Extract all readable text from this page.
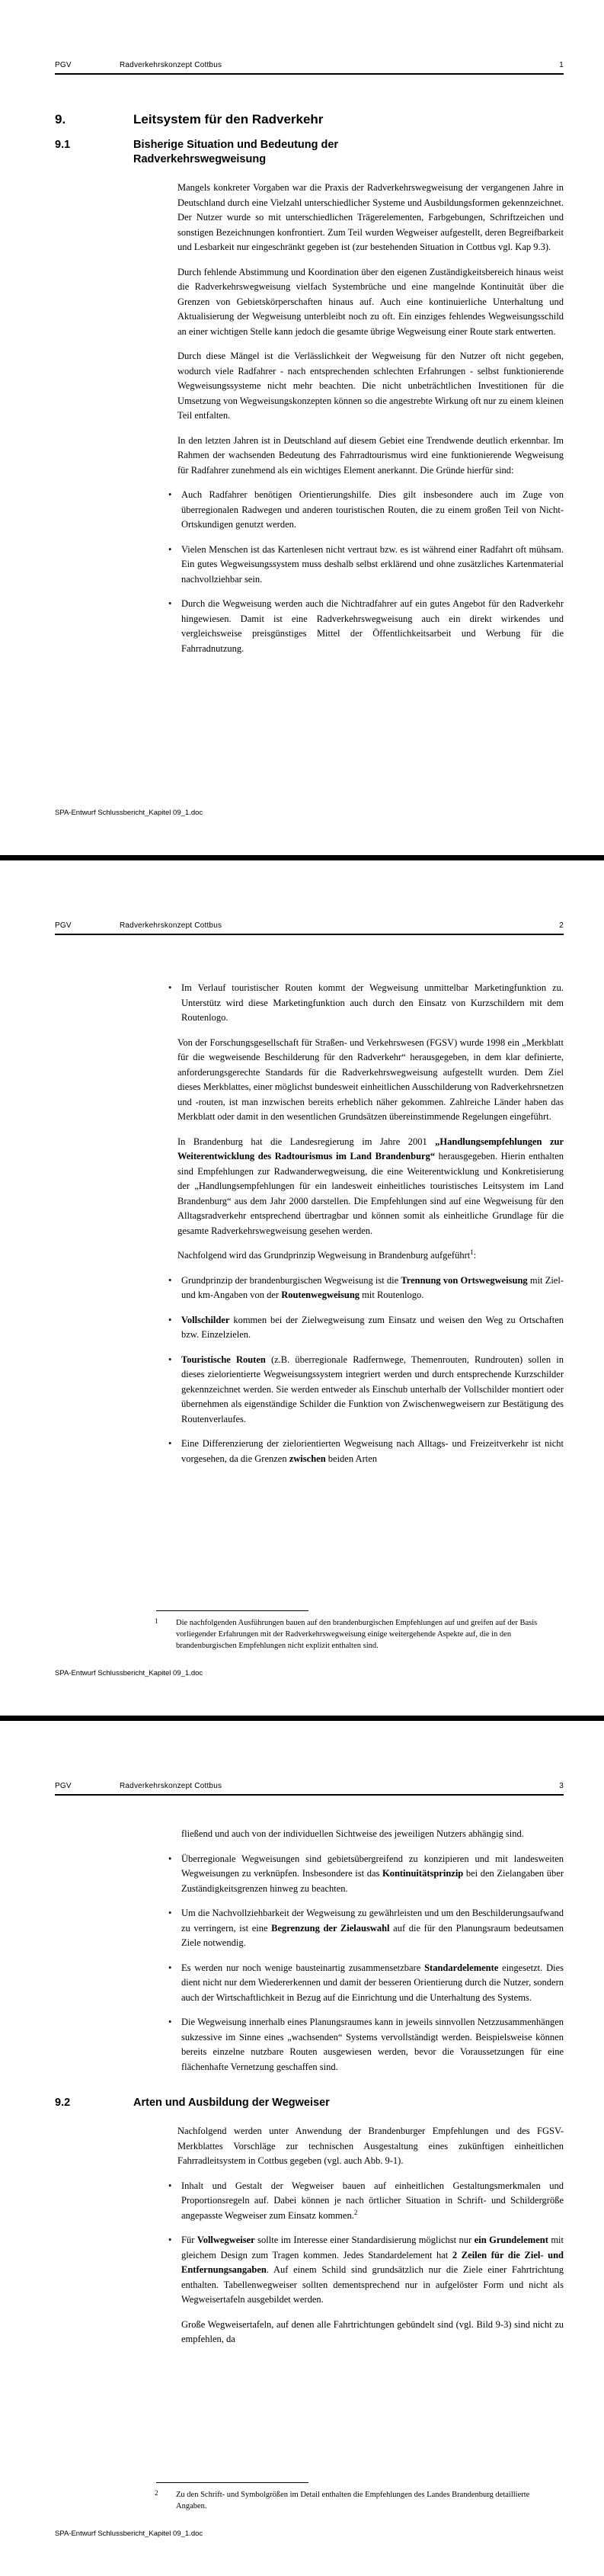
PGV	Radverkehrskonzept Cottbus	1
9.	Leitsystem für den Radverkehr
9.1	Bisherige Situation und Bedeutung der
Radverkehrswegweisung
Mangels konkreter Vorgaben war die Praxis der Radverkehrswegweisung der vergangenen Jahre in Deutschland durch eine Vielzahl unterschiedlicher Systeme und Ausbildungsformen gekennzeichnet. Der Nutzer wurde so mit unterschiedlichen Trägerelementen, Farbgebungen, Schriftzeichen und sonstigen Bezeichnungen konfrontiert. Zum Teil wurden Wegweiser aufgestellt, deren Begreifbarkeit und Lesbarkeit nur eingeschränkt gegeben ist (zur bestehenden Situation in Cottbus vgl. Kap 9.3).
Durch fehlende Abstimmung und Koordination über den eigenen Zuständigkeitsbereich hinaus weist die Radverkehrswegweisung vielfach Systembrüche und eine mangelnde Kontinuität über die Grenzen von Gebietskörperschaften hinaus auf. Auch eine kontinuierliche Unterhaltung und Aktualisierung der Wegweisung unterbleibt noch zu oft. Ein einziges fehlendes Wegweisungsschild an einer wichtigen Stelle kann jedoch die gesamte übrige Wegweisung einer Route stark entwerten.
Durch diese Mängel ist die Verlässlichkeit der Wegweisung für den Nutzer oft nicht gegeben, wodurch viele Radfahrer - nach entsprechenden schlechten Erfahrungen - selbst funktionierende Wegweisungssysteme nicht mehr beachten. Die nicht unbeträchtlichen Investitionen für die Umsetzung von Wegweisungskonzepten können so die angestrebte Wirkung oft nur zu einem kleinen Teil entfalten.
In den letzten Jahren ist in Deutschland auf diesem Gebiet eine Trendwende deutlich erkennbar. Im Rahmen der wachsenden Bedeutung des Fahrradtourismus wird eine funktionierende Wegweisung für Radfahrer zunehmend als ein wichtiges Element anerkannt. Die Gründe hierfür sind:
• Auch Radfahrer benötigen Orientierungshilfe. Dies gilt insbesondere auch im Zuge von überregionalen Radwegen und anderen touristischen Routen, die zu einem großen Teil von Nicht-Ortskundigen genutzt werden.
• Vielen Menschen ist das Kartenlesen nicht vertraut bzw. es ist während einer Radfahrt oft mühsam. Ein gutes Wegweisungssystem muss deshalb selbst erklärend und ohne zusätzliches Kartenmaterial nachvollziehbar sein.
• Durch die Wegweisung werden auch die Nichtradfahrer auf ein gutes Angebot für den Radverkehr hingewiesen. Damit ist eine Radverkehrswegweisung auch ein direkt wirkendes und vergleichsweise preisgünstiges Mittel der Öffentlichkeitsarbeit und Werbung für die Fahrradnutzung.
SPA-Entwurf Schlussbericht_Kapitel 09_1.doc
PGV	Radverkehrskonzept Cottbus	2
• Im Verlauf touristischer Routen kommt der Wegweisung unmittelbar Marketingfunktion zu. Unterstütz wird diese Marketingfunktion auch durch den Einsatz von Kurzschildern mit dem Routenlogo.
Von der Forschungsgesellschaft für Straßen- und Verkehrswesen (FGSV) wurde 1998 ein „Merkblatt für die wegweisende Beschilderung für den Radverkehr“ herausgegeben, in dem klar definierte, anforderungsgerechte Standards für die Radverkehrswegweisung aufgestellt wurden. Dem Ziel dieses Merkblattes, einer möglichst bundesweit einheitlichen Ausschilderung von Radverkehrsnetzen und -routen, ist man inzwischen bereits erheblich näher gekommen. Zahlreiche Länder haben das Merkblatt oder damit in den wesentlichen Grundsätzen übereinstimmende Regelungen eingeführt.
In Brandenburg hat die Landesregierung im Jahre 2001 „Handlungsempfehlungen zur Weiterentwicklung des Radtourismus im Land Brandenburg“ herausgegeben. Hierin enthalten sind Empfehlungen zur Radwanderwegweisung, die eine Weiterentwicklung und Konkretisierung der „Handlungsempfehlungen für ein landesweit einheitliches touristisches Leitsystem im Land Brandenburg“ aus dem Jahr 2000 darstellen. Die Empfehlungen sind auf eine Wegweisung für den Alltagsradverkehr entsprechend übertragbar und können somit als einheitliche Grundlage für die gesamte Radverkehrswegweisung gesehen werden.
Nachfolgend wird das Grundprinzip Wegweisung in Brandenburg aufgeführt$^1$:
• Grundprinzip der brandenburgischen Wegweisung ist die Trennung von Ortswegweisung mit Ziel- und km-Angaben von der Routenwegweisung mit Routenlogo.
• Vollschilder kommen bei der Zielwegweisung zum Einsatz und weisen den Weg zu Ortschaften bzw. Einzelzielen.
• Touristische Routen (z.B. überregionale Radfernwege, Themenrouten, Rundrouten) sollen in dieses zielorientierte Wegweisungssystem integriert werden und durch entsprechende Kurzschilder gekennzeichnet werden. Sie werden entweder als Einschub unterhalb der Vollschilder montiert oder übernehmen als eigenständige Schilder die Funktion von Zwischenwegweisern zur Bestätigung des Routenverlaufes.
• Eine Differenzierung der zielorientierten Wegweisung nach Alltags- und Freizeitverkehr ist nicht vorgesehen, da die Grenzen zwischen beiden Arten
1	Die nachfolgenden Ausführungen bauen auf den brandenburgischen Empfehlungen auf und greifen auf der Basis vorliegender Erfahrungen mit der Radverkehrswegweisung einige weitergehende Aspekte auf, die in den brandenburgischen Empfehlungen nicht explizit enthalten sind.
SPA-Entwurf Schlussbericht_Kapitel 09_1.doc
PGV	Radverkehrskonzept Cottbus	3
fließend und auch von der individuellen Sichtweise des jeweiligen Nutzers abhängig sind.
• Überregionale Wegweisungen sind gebietsübergreifend zu konzipieren und mit landesweiten Wegweisungen zu verknüpfen. Insbesondere ist das Kontinuitätsprinzip bei den Zielangaben über Zuständigkeitsgrenzen hinweg zu beachten.
• Um die Nachvollziehbarkeit der Wegweisung zu gewährleisten und um den Beschilderungsaufwand zu verringern, ist eine Begrenzung der Zielauswahl auf die für den Planungsraum bedeutsamen Ziele notwendig.
• Es werden nur noch wenige bausteinartig zusammensetzbare Standardelemente eingesetzt. Dies dient nicht nur dem Wiedererkennen und damit der besseren Orientierung durch die Nutzer, sondern auch der Wirtschaftlichkeit in Bezug auf die Einrichtung und die Unterhaltung des Systems.
• Die Wegweisung innerhalb eines Planungsraumes kann in jeweils sinnvollen Netzzusammenhängen sukzessive im Sinne eines „wachsenden“ Systems vervollständigt werden. Beispielsweise können bereits einzelne nutzbare Routen ausgewiesen werden, bevor die Voraussetzungen für eine flächenhafte Vernetzung geschaffen sind.
9.2	Arten und Ausbildung der Wegweiser
Nachfolgend werden unter Anwendung der Brandenburger Empfehlungen und des FGSV-Merkblattes Vorschläge zur technischen Ausgestaltung eines zukünftigen einheitlichen Fahrradleitsystem in Cottbus gegeben (vgl. auch Abb. 9-1).
• Inhalt und Gestalt der Wegweiser bauen auf einheitlichen Gestaltungsmerkmalen und Proportionsregeln auf. Dabei können je nach örtlicher Situation in Schrift- und Schildergröße angepasste Wegweiser zum Einsatz kommen.$^2$
• Für Vollwegweiser sollte im Interesse einer Standardisierung möglichst nur ein Grundelement mit gleichem Design zum Tragen kommen. Jedes Standardelement hat 2 Zeilen für die Ziel- und Entfernungsangaben. Auf einem Schild sind grundsätzlich nur die Ziele einer Fahrtrichtung enthalten. Tabellenwegweiser sollten dementsprechend nur in aufgelöster Form und nicht als Wegweisertafeln ausgebildet werden.
Große Wegweisertafeln, auf denen alle Fahrtrichtungen gebündelt sind (vgl. Bild 9-3) sind nicht zu empfehlen, da
2	Zu den Schrift- und Symbolgrößen im Detail enthalten die Empfehlungen des Landes Brandenburg detaillierte Angaben.
SPA-Entwurf Schlussbericht_Kapitel 09_1.doc
